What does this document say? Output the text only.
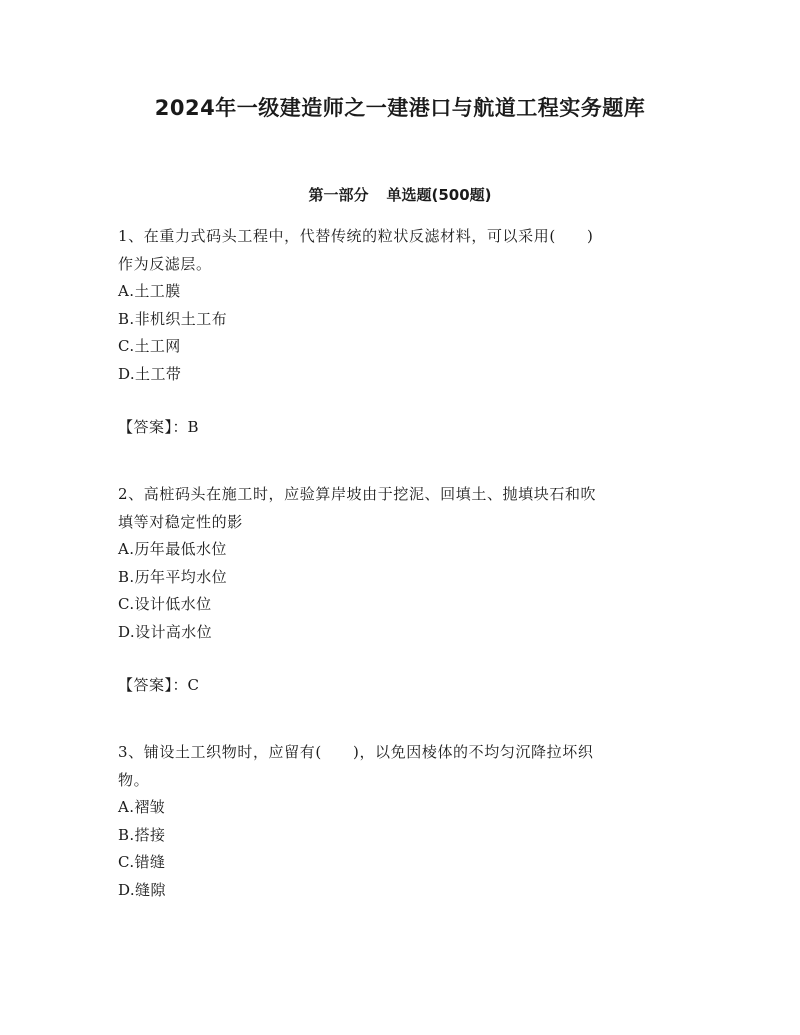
2024年一级建造师之一建港口与航道工程实务题库
第一部分 单选题(500题)

1、在重力式码头工程中，代替传统的粒状反滤材料，可以采用(　　)

作为反滤层。

A.土工膜

B.非机织土工布

C.土工网

D.土工带

【答案】：B

2、高桩码头在施工时，应验算岸坡由于挖泥、回填土、抛填块石和吹

填等对稳定性的影

A.历年最低水位

B.历年平均水位

C.设计低水位

D.设计高水位

【答案】：C

3、铺设土工织物时，应留有(　　)，以免因棱体的不均匀沉降拉坏织

物。

A.褶皱

B.搭接

C.错缝

D.缝隙
